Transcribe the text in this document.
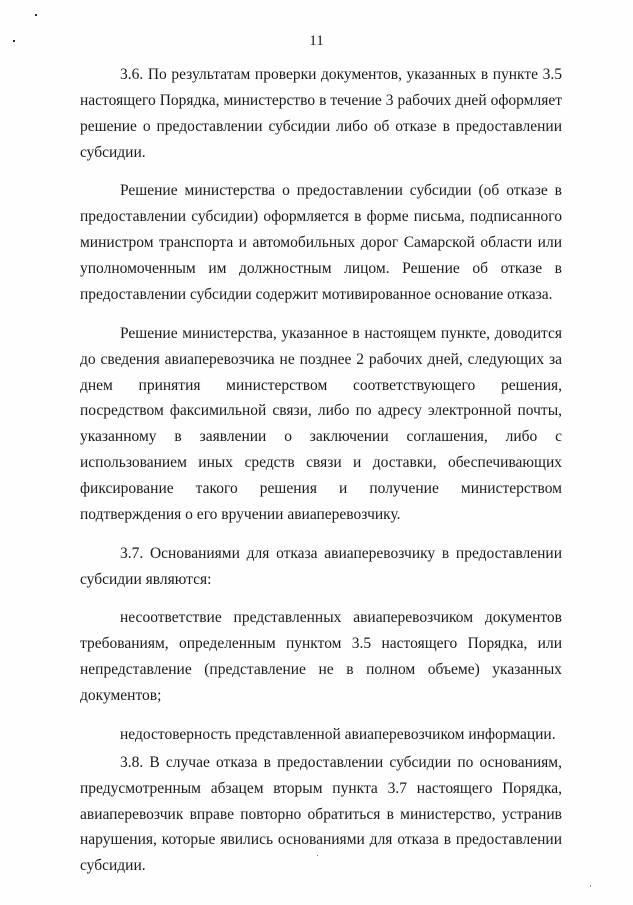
11

3.6. По результатам проверки документов, указанных в пункте 3.5 настоящего Порядка, министерство в течение 3 рабочих дней оформляет решение о предоставлении субсидии либо об отказе в предоставлении субсидии.

Решение министерства о предоставлении субсидии (об отказе в предоставлении субсидии) оформляется в форме письма, подписанного министром транспорта и автомобильных дорог Самарской области или уполномоченным им должностным лицом. Решение об отказе в предоставлении субсидии содержит мотивированное основание отказа.

Решение министерства, указанное в настоящем пункте, доводится до сведения авиаперевозчика не позднее 2 рабочих дней, следующих за днем принятия министерством соответствующего решения, посредством факсимильной связи, либо по адресу электронной почты, указанному в заявлении о заключении соглашения, либо с использованием иных средств связи и доставки, обеспечивающих фиксирование такого решения и получение министерством подтверждения о его вручении авиаперевозчику.

3.7. Основаниями для отказа авиаперевозчику в предоставлении субсидии являются:

несоответствие представленных авиаперевозчиком документов требованиям, определенным пунктом 3.5 настоящего Порядка, или непредставление (представление не в полном объеме) указанных документов;

недостоверность представленной авиаперевозчиком информации.

3.8. В случае отказа в предоставлении субсидии по основаниям, предусмотренным абзацем вторым пункта 3.7 настоящего Порядка, авиаперевозчик вправе повторно обратиться в министерство, устранив нарушения, которые явились основаниями для отказа в предоставлении субсидии.
